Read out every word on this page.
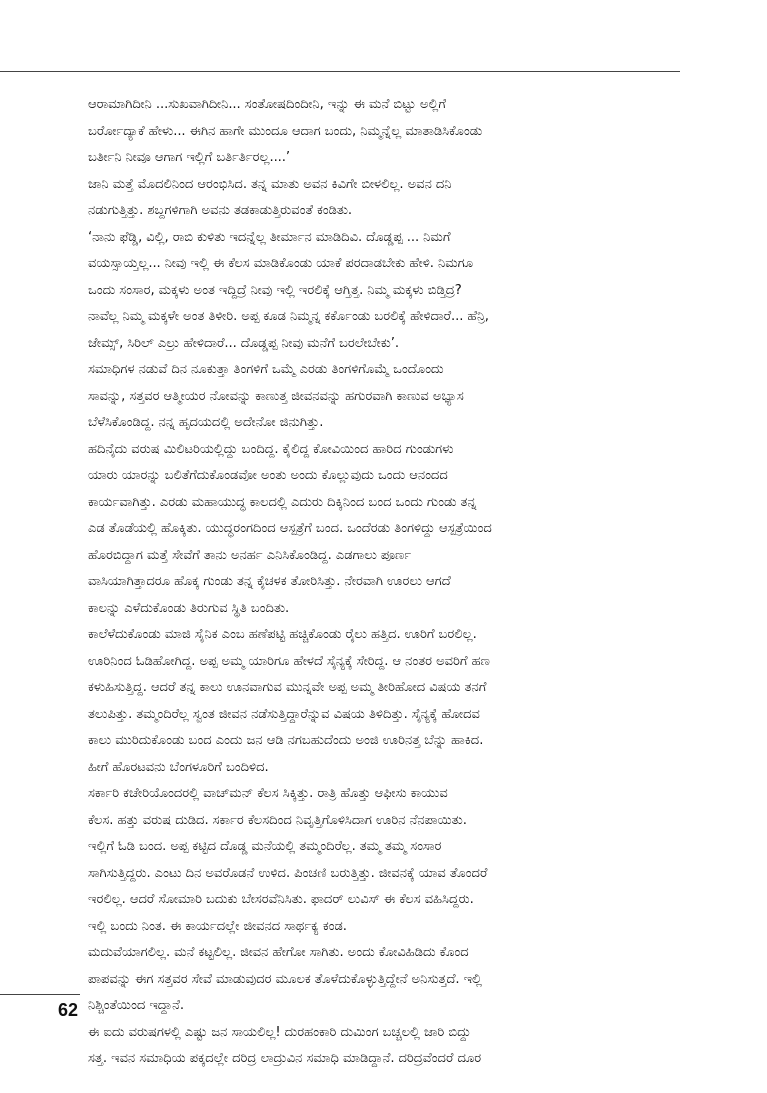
ಆರಾಮಾಗಿದೀನಿ ...ಸುಖವಾಗಿದೀನಿ... ಸಂತೋಷದಿಂದೀನಿ, ಇನ್ನು ಈ ಮನೆ ಬಿಟ್ಟು ಅಲ್ಲಿಗೆ
ಬರ್ರೋದ್ಯಾಕೆ ಹೇಳು... ಈಗಿನ ಹಾಗೇ ಮುಂದೂ ಆದಾಗ ಬಂದು, ನಿಮ್ಮನ್ನೆಲ್ಲ ಮಾತಾಡಿಸಿಕೊಂಡು
ಬರ್ತೀನಿ ನೀವೂ ಆಗಾಗ ಇಲ್ಲಿಗೆ ಬರ್ತಿರ್ತಿರಲ್ಲ....’
ಜಾನಿ ಮತ್ತೆ ಮೊದಲಿನಿಂದ ಆರಂಭಿಸಿದ. ತನ್ನ ಮಾತು ಅವನ ಕಿವಿಗೇ ಬೀಳಲಿಲ್ಲ. ಅವನ ದನಿ
ನಡುಗುತ್ತಿತ್ತು. ಶಬ್ದಗಳಿಗಾಗಿ ಅವನು ತಡಕಾಡುತ್ತಿರುವಂತೆ ಕಂಡಿತು.
‘ನಾನು ಫೆಡ್ಡಿ, ವಿಲ್ಲಿ, ರಾಬಿ ಕುಳಿತು ಇದನ್ನೆಲ್ಲ ತೀರ್ಮಾನ ಮಾಡಿದಿವಿ. ದೊಡ್ಡಪ್ಪ ... ನಿಮಗೆ
ವಯಸ್ಸಾಯ್ತಲ್ಲ... ನೀವು ಇಲ್ಲಿ ಈ ಕೆಲಸ ಮಾಡಿಕೊಂಡು ಯಾಕೆ ಪರದಾಡಬೇಕು ಹೇಳಿ. ನಿಮಗೂ
ಒಂದು ಸಂಸಾರ, ಮಕ್ಕಳು ಅಂತ ಇದ್ದಿದ್ರೆ ನೀವು ಇಲ್ಲಿ ಇರಲಿಕ್ಕೆ ಆಗ್ತಿತ್ತ. ನಿಮ್ಮ ಮಕ್ಕಳು ಬಿಡ್ತಿದ್ರ?
ನಾವೆಲ್ಲ ನಿಮ್ಮ ಮಕ್ಕಳೇ ಅಂತ ತಿಳೀರಿ. ಅಪ್ಪ ಕೂಡ ನಿಮ್ಮನ್ನ ಕರ್ಕೊಂಡು ಬರಲಿಕ್ಕೆ ಹೇಳಿದಾರೆ... ಹೆನ್ರಿ,
ಜೇಮ್ಸ್, ಸಿರಿಲ್ ಎಲ್ರು ಹೇಳಿದಾರೆ... ದೊಡ್ಡಪ್ಪ ನೀವು ಮನೆಗೆ ಬರಲೇಬೇಕು’.
ಸಮಾಧಿಗಳ ನಡುವೆ ದಿನ ನೂಕುತ್ತಾ ತಿಂಗಳಿಗೆ ಒಮ್ಮೆ ಎರಡು ತಿಂಗಳಿಗೊಮ್ಮೆ ಒಂದೊಂದು
ಸಾವನ್ನು, ಸತ್ತವರ ಆತ್ಮೀಯರ ನೋವನ್ನು ಕಾಣುತ್ತ ಜೀವನವನ್ನು ಹಗುರವಾಗಿ ಕಾಣುವ ಅಭ್ಯಾಸ
ಬೆಳೆಸಿಕೊಂಡಿದ್ದ. ನನ್ನ ಹೃದಯದಲ್ಲಿ ಅದೇನೋ ಜಿನುಗಿತ್ತು.
ಹದಿನೈದು ವರುಷ ಮಿಲಿಟರಿಯಲ್ಲಿದ್ದು ಬಂದಿದ್ದ. ಕೈಲಿದ್ದ ಕೋವಿಯಿಂದ ಹಾರಿದ ಗುಂಡುಗಳು
ಯಾರು ಯಾರನ್ನು ಬಲಿತೆಗೆದುಕೊಂಡವೋ ಅಂತು ಅಂದು ಕೊಲ್ಲುವುದು ಒಂದು ಆನಂದದ
ಕಾರ್ಯವಾಗಿತ್ತು. ಎರಡು ಮಹಾಯುದ್ಧ ಕಾಲದಲ್ಲಿ ಎದುರು ದಿಕ್ಕಿನಿಂದ ಬಂದ ಒಂದು ಗುಂಡು ತನ್ನ
ಎಡ ತೊಡೆಯಲ್ಲಿ ಹೊಕ್ಕಿತು. ಯುದ್ಧರಂಗದಿಂದ ಆಸ್ಪತ್ರೆಗೆ ಬಂದ. ಒಂದೆರಡು ತಿಂಗಳಿದ್ದು ಆಸ್ಪತ್ರೆಯಿಂದ
ಹೊರಬಿದ್ದಾಗ ಮತ್ತೆ ಸೇವೆಗೆ ತಾನು ಅನರ್ಹ ಎನಿಸಿಕೊಂಡಿದ್ದ. ಎಡಗಾಲು ಪೂರ್ಣ
ವಾಸಿಯಾಗಿತ್ತಾದರೂ ಹೊಕ್ಕ ಗುಂಡು ತನ್ನ ಕೈಚಳಕ ತೋರಿಸಿತ್ತು. ನೇರವಾಗಿ ಊರಲು ಆಗದೆ
ಕಾಲನ್ನು ಎಳೆದುಕೊಂಡು ತಿರುಗುವ ಸ್ಥಿತಿ ಬಂದಿತು.
ಕಾಲೆಳೆದುಕೊಂಡು ಮಾಜಿ ಸೈನಿಕ ಎಂಬ ಹಣೆಪಟ್ಟಿ ಹಚ್ಚಿಕೊಂಡು ರೈಲು ಹತ್ತಿದ. ಊರಿಗೆ ಬರಲಿಲ್ಲ.
ಊರಿನಿಂದ ಓಡಿಹೋಗಿದ್ದ. ಅಪ್ಪ ಅಮ್ಮ ಯಾರಿಗೂ ಹೇಳದೆ ಸೈನ್ಯಕ್ಕೆ ಸೇರಿದ್ದ. ಆ ನಂತರ ಅವರಿಗೆ ಹಣ
ಕಳುಹಿಸುತ್ತಿದ್ದ. ಆದರೆ ತನ್ನ ಕಾಲು ಊನವಾಗುವ ಮುನ್ನವೇ ಅಪ್ಪ ಅಮ್ಮ ತೀರಿಹೋದ ವಿಷಯ ತನಗೆ
ತಲುಪಿತ್ತು. ತಮ್ಮಂದಿರೆಲ್ಲ ಸ್ವಂತ ಜೀವನ ನಡೆಸುತ್ತಿದ್ದಾರೆನ್ನುವ ವಿಷಯ ತಿಳಿದಿತ್ತು. ಸೈನ್ಯಕ್ಕೆ ಹೋದವ
ಕಾಲು ಮುರಿದುಕೊಂಡು ಬಂದ ಎಂದು ಜನ ಆಡಿ ನಗಬಹುದೆಂದು ಅಂಜಿ ಊರಿನತ್ತ ಬೆನ್ನು ಹಾಕಿದ.
ಹೀಗೆ ಹೊರಟವನು ಬೆಂಗಳೂರಿಗೆ ಬಂದಿಳಿದ.
ಸರ್ಕಾರಿ ಕಚೇರಿಯೊಂದರಲ್ಲಿ ವಾಚ್‌ಮನ್ ಕೆಲಸ ಸಿಕ್ಕಿತ್ತು. ರಾತ್ರಿ ಹೊತ್ತು ಆಫೀಸು ಕಾಯುವ
ಕೆಲಸ. ಹತ್ತು ವರುಷ ದುಡಿದ. ಸರ್ಕಾರ ಕೆಲಸದಿಂದ ನಿವೃತ್ತಿಗೊಳಿಸಿದಾಗ ಊರಿನ ನೆನಪಾಯಿತು.
ಇಲ್ಲಿಗೆ ಓಡಿ ಬಂದ. ಅಪ್ಪ ಕಟ್ಟಿದ ದೊಡ್ಡ ಮನೆಯಲ್ಲಿ ತಮ್ಮಂದಿರೆಲ್ಲ. ತಮ್ಮ ತಮ್ಮ ಸಂಸಾರ
ಸಾಗಿಸುತ್ತಿದ್ದರು. ಎಂಟು ದಿನ ಅವರೊಡನೆ ಉಳಿದ. ಪಿಂಚಣಿ ಬರುತ್ತಿತ್ತು. ಜೀವನಕ್ಕೆ ಯಾವ ತೊಂದರೆ
ಇರಲಿಲ್ಲ. ಆದರೆ ಸೋಮಾರಿ ಬದುಕು ಬೇಸರವೆನಿಸಿತು. ಫಾದರ್ ಲುವಿಸ್ ಈ ಕೆಲಸ ವಹಿಸಿದ್ದರು.
ಇಲ್ಲಿ ಬಂದು ನಿಂತ. ಈ ಕಾರ್ಯದಲ್ಲೇ ಜೀವನದ ಸಾರ್ಥಕ್ಯ ಕಂಡ.
ಮದುವೆಯಾಗಲಿಲ್ಲ. ಮನೆ ಕಟ್ಟಲಿಲ್ಲ. ಜೀವನ ಹೇಗೋ ಸಾಗಿತು. ಅಂದು ಕೋವಿಹಿಡಿದು ಕೊಂದ
ಪಾಪವನ್ನು ಈಗ ಸತ್ತವರ ಸೇವೆ ಮಾಡುವುದರ ಮೂಲಕ ತೊಳೆದುಕೊಳ್ಳುತ್ತಿದ್ದೇನೆ ಅನಿಸುತ್ತದೆ. ಇಲ್ಲಿ
ನಿಶ್ಚಿಂತೆಯಿಂದ ಇದ್ದಾನೆ.
ಈ ಐದು ವರುಷಗಳಲ್ಲಿ ಎಷ್ಟು ಜನ ಸಾಯಲಿಲ್ಲ! ದುರಹಂಕಾರಿ ದುಮಿಂಗ ಬಚ್ಚಲಲ್ಲಿ ಜಾರಿ ಬಿದ್ದು
ಸತ್ತ. ಇವನ ಸಮಾಧಿಯ ಪಕ್ಕದಲ್ಲೇ ದರಿದ್ರ ಲಾದ್ರುವಿನ ಸಮಾಧಿ ಮಾಡಿದ್ದಾನೆ. ದರಿದ್ರವೆಂದರೆ ದೂರ
62
